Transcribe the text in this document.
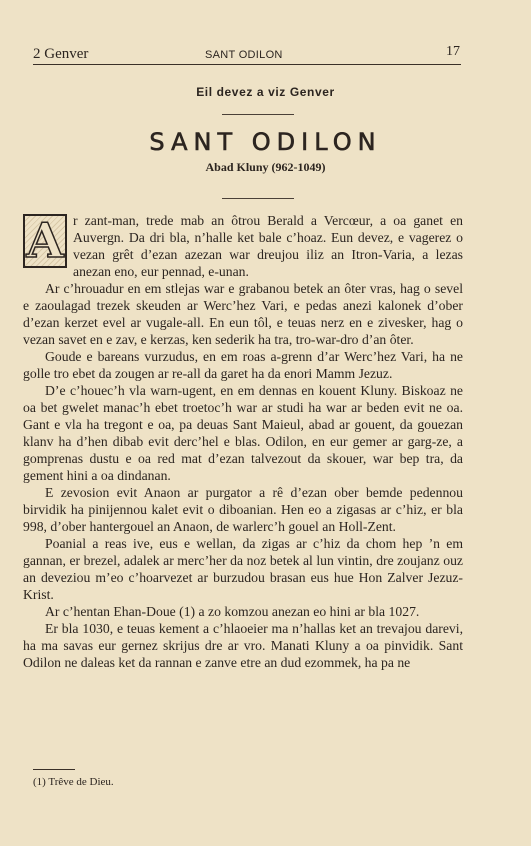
2 Genver	SANT ODILON	17
Eil devez a viz Genver
SANT ODILON
Abad Kluny (962-1049)

A r zant-man, trede mab an ôtrou Berald a Vercœur, a oa ganet en Auvergn. Da dri bla, n’halle ket bale c’hoaz. Eun devez, e vagerez o vezan grêt d’ezan azezan war dreujou iliz an Itron-Varia, a lezas anezan eno, eur pennad, e-unan.

Ar c’hrouadur en em stlejas war e grabanou betek an ôter vras, hag o sevel e zaoulagad trezek skeuden ar Werc’hez Vari, e pedas anezi kalonek d’ober d’ezan kerzet evel ar vugale-all. En eun tôl, e teuas nerz en e zivesker, hag o vezan savet en e zav, e kerzas, ken sederik ha tra, tro-war-dro d’an ôter.

Goude e bareans vurzudus, en em roas a-grenn d’ar Werc’hez Vari, ha ne golle tro ebet da zougen ar re-all da garet ha da enori Mamm Jezuz.

D’e c’houec’h vla warn-ugent, en em dennas en kouent Kluny. Biskoaz ne oa bet gwelet manac’h ebet troetoc’h war ar studi ha war ar beden evit ne oa. Gant e vla ha tregont e oa, pa deuas Sant Maieul, abad ar gouent, da gouezan klanv ha d’hen dibab evit derc’hel e blas. Odilon, en eur gemer ar garg-ze, a gomprenas dustu e oa red mat d’ezan talvezout da skouer, war bep tra, da gement hini a oa dindanan.

E zevosion evit Anaon ar purgator a rê d’ezan ober bemde pedennou birvidik ha pinijennou kalet evit o diboanian. Hen eo a zigasas ar c’hiz, er bla 998, d’ober hantergouel an Anaon, de warlerc’h gouel an Holl-Zent.

Poanial a reas ive, eus e wellan, da zigas ar c’hiz da chom hep ’n em gannan, er brezel, adalek ar merc’her da noz betek al lun vintin, dre zoujanz ouz an deveziou m’eo c’hoarvezet ar burzudou brasan eus hue Hon Zalver Jezuz-Krist.

Ar c’hentan Ehan-Doue (1) a zo komzou anezan eo hini ar bla 1027.

Er bla 1030, e teuas kement a c’hlaoeier ma n’hallas ket an trevajou darevi, ha ma savas eur gernez skrijus dre ar vro. Manati Kluny a oa pinvidik. Sant Odilon ne daleas ket da rannan e zanve etre an dud ezommek, ha pa ne

(1) Trêve de Dieu.
